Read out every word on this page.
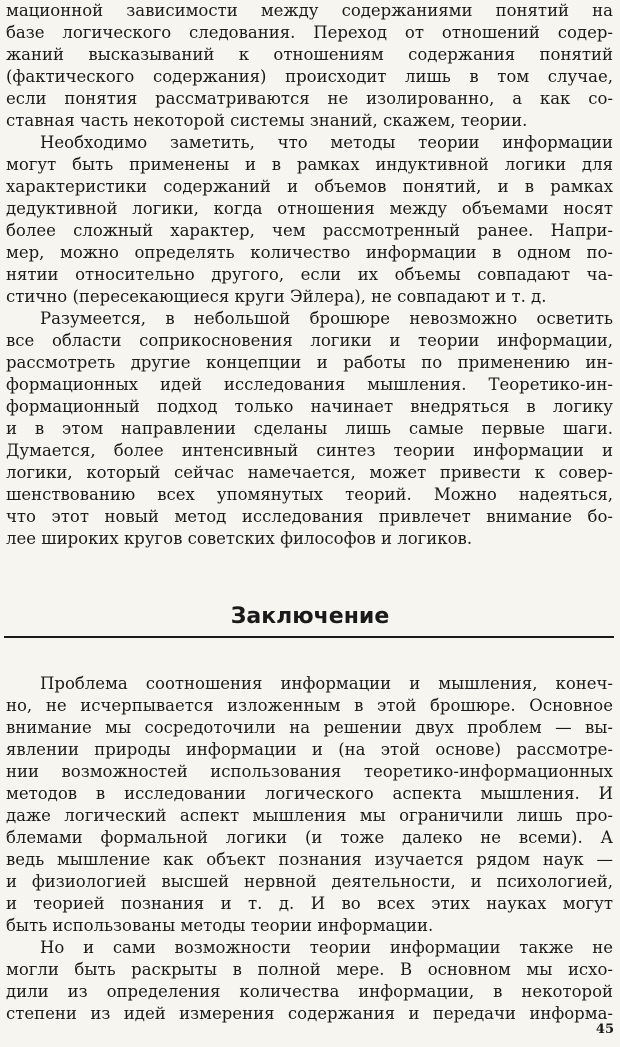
мационной зависимости между содержаниями понятий на
базе логического следования. Переход от отношений содер-
жаний высказываний к отношениям содержания понятий
(фактического содержания) происходит лишь в том случае,
если понятия рассматриваются не изолированно, а как со-
ставная часть некоторой системы знаний, скажем, теории.
Необходимо заметить, что методы теории информации
могут быть применены и в рамках индуктивной логики для
характеристики содержаний и объемов понятий, и в рамках
дедуктивной логики, когда отношения между объемами носят
более сложный характер, чем рассмотренный ранее. Напри-
мер, можно определять количество информации в одном по-
нятии относительно другого, если их объемы совпадают ча-
стично (пересекающиеся круги Эйлера), не совпадают и т. д.
Разумеется, в небольшой брошюре невозможно осветить
все области соприкосновения логики и теории информации,
рассмотреть другие концепции и работы по применению ин-
формационных идей исследования мышления. Теоретико-ин-
формационный подход только начинает внедряться в логику
и в этом направлении сделаны лишь самые первые шаги.
Думается, более интенсивный синтез теории информации и
логики, который сейчас намечается, может привести к совер-
шенствованию всех упомянутых теорий. Можно надеяться,
что этот новый метод исследования привлечет внимание бо-
лее широких кругов советских философов и логиков.
Проблема соотношения информации и мышления, конеч-
но, не исчерпывается изложенным в этой брошюре. Основное
внимание мы сосредоточили на решении двух проблем — вы-
явлении природы информации и (на этой основе) рассмотре-
нии возможностей использования теоретико-информационных
методов в исследовании логического аспекта мышления. И
даже логический аспект мышления мы ограничили лишь про-
блемами формальной логики (и тоже далеко не всеми). А
ведь мышление как объект познания изучается рядом наук —
и физиологией высшей нервной деятельности, и психологией,
и теорией познания и т. д. И во всех этих науках могут
быть использованы методы теории информации.
Но и сами возможности теории информации также не
могли быть раскрыты в полной мере. В основном мы исхо-
дили из определения количества информации, в некоторой
степени из идей измерения содержания и передачи информа-
Заключение
45
